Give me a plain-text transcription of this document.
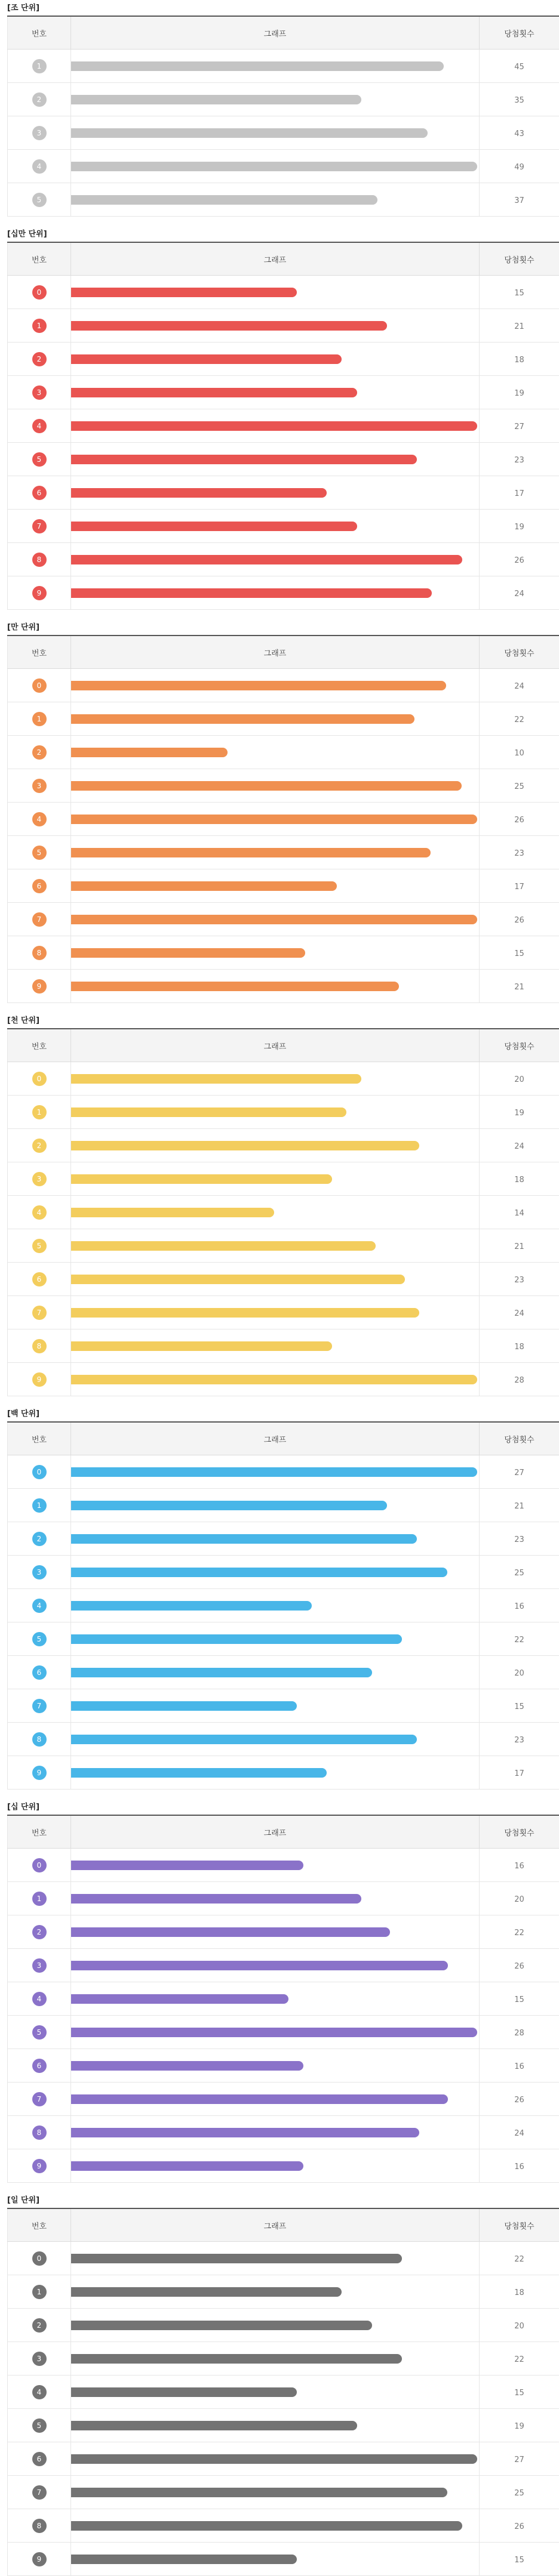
[조 단위]
번호	그래프	당첨횟수
1		45
2		35
3		43
4		49
5		37
[십만 단위]
번호	그래프	당첨횟수
0		15
1		21
2		18
3		19
4		27
5		23
6		17
7		19
8		26
9		24
[만 단위]
번호	그래프	당첨횟수
0		24
1		22
2		10
3		25
4		26
5		23
6		17
7		26
8		15
9		21
[천 단위]
번호	그래프	당첨횟수
0		20
1		19
2		24
3		18
4		14
5		21
6		23
7		24
8		18
9		28
[백 단위]
번호	그래프	당첨횟수
0		27
1		21
2		23
3		25
4		16
5		22
6		20
7		15
8		23
9		17
[십 단위]
번호	그래프	당첨횟수
0		16
1		20
2		22
3		26
4		15
5		28
6		16
7		26
8		24
9		16
[일 단위]
번호	그래프	당첨횟수
0		22
1		18
2		20
3		22
4		15
5		19
6		27
7		25
8		26
9		15
